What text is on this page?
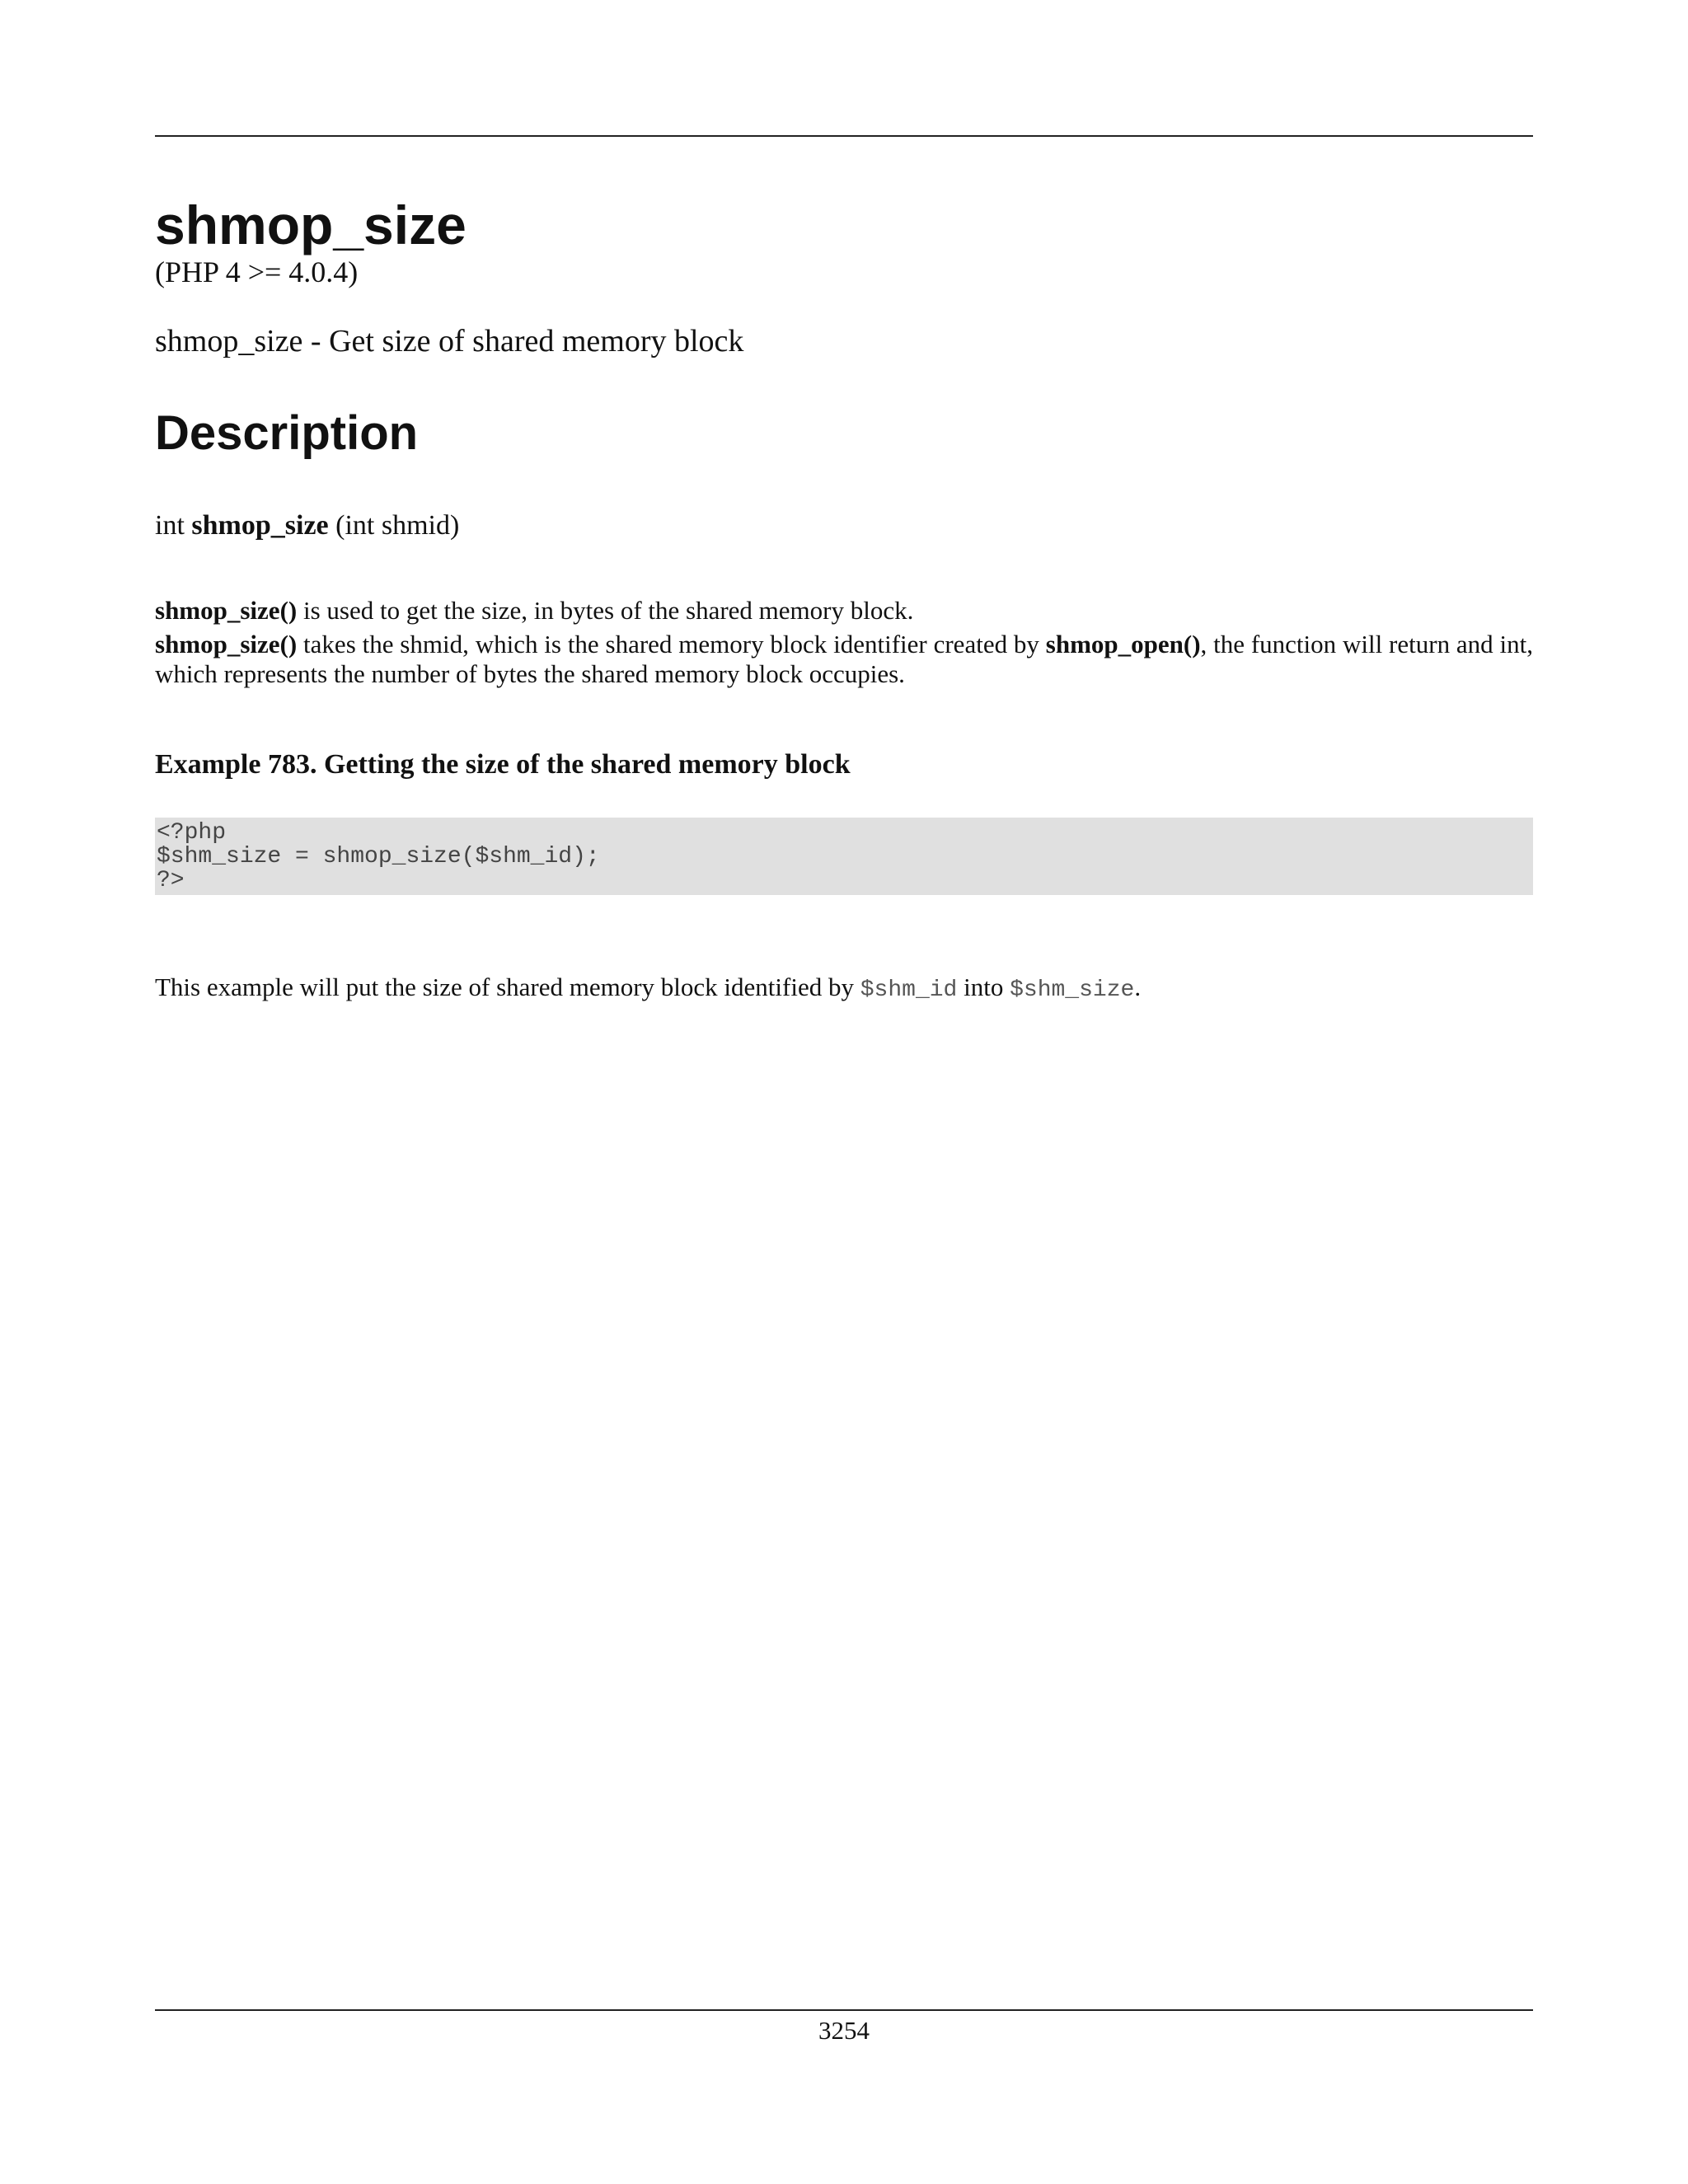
shmop_size
(PHP 4 >= 4.0.4)
shmop_size - Get size of shared memory block
Description
int shmop_size (int shmid)

shmop_size() is used to get the size, in bytes of the shared memory block.

shmop_size() takes the shmid, which is the shared memory block identifier created by shmop_open(), the function will return and int, which represents the number of bytes the shared memory block occupies.

Example 783. Getting the size of the shared memory block
<?php
$shm_size = shmop_size($shm_id);
?>

This example will put the size of shared memory block identified by $shm_id into $shm_size.

3254
